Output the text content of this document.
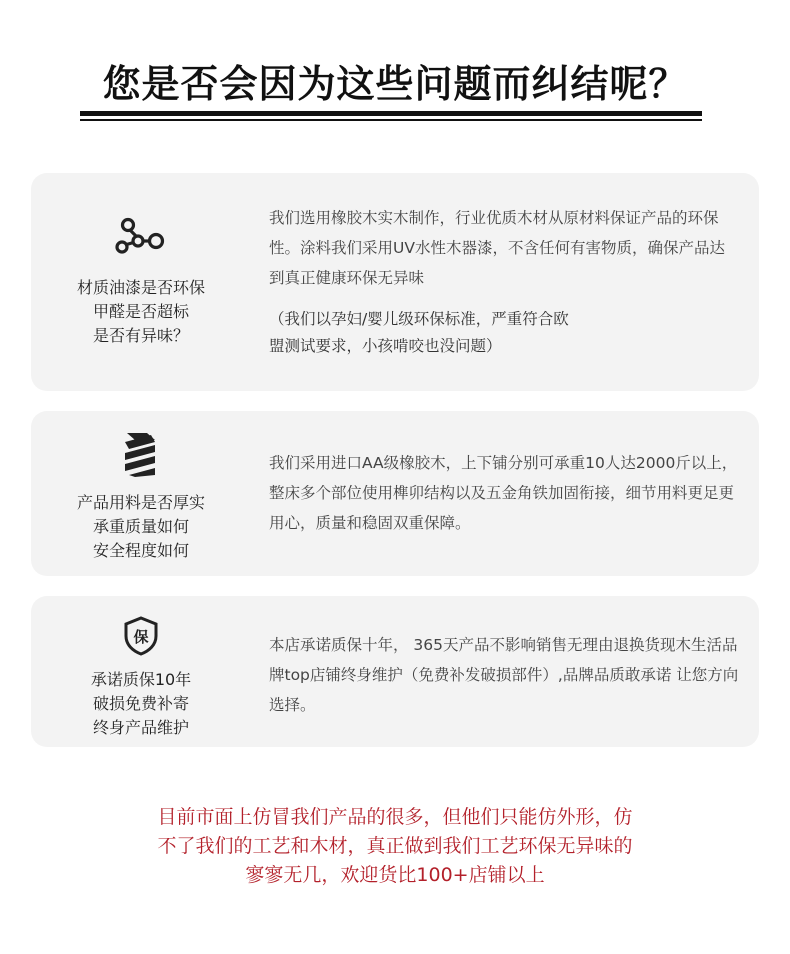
您是否会因为这些问题而纠结呢？
材质油漆是否环保
甲醛是否超标
是否有异味？
我们选用橡胶木实木制作，行业优质木材从原材料保证产品的环保性。涂料我们采用UV水性木器漆，不含任何有害物质，确保产品达到真正健康环保无异味
（我们以孕妇/婴儿级环保标准，严重符合欧
盟测试要求，小孩啃咬也没问题）
产品用料是否厚实
承重质量如何
安全程度如何
我们采用进口AA级橡胶木，上下铺分别可承重10人达2000斤以上，整床多个部位使用榫卯结构以及五金角铁加固衔接，细节用料更足更用心，质量和稳固双重保障。
保
承诺质保10年
破损免费补寄
终身产品维护
本店承诺质保十年， 365天产品不影响销售无理由退换货现木生活品牌top店铺终身维护（免费补发破损部件）,品牌品质敢承诺 让您方向选择。
目前市面上仿冒我们产品的很多，但他们只能仿外形，仿
不了我们的工艺和木材，真正做到我们工艺环保无异味的
寥寥无几，欢迎货比100+店铺以上
